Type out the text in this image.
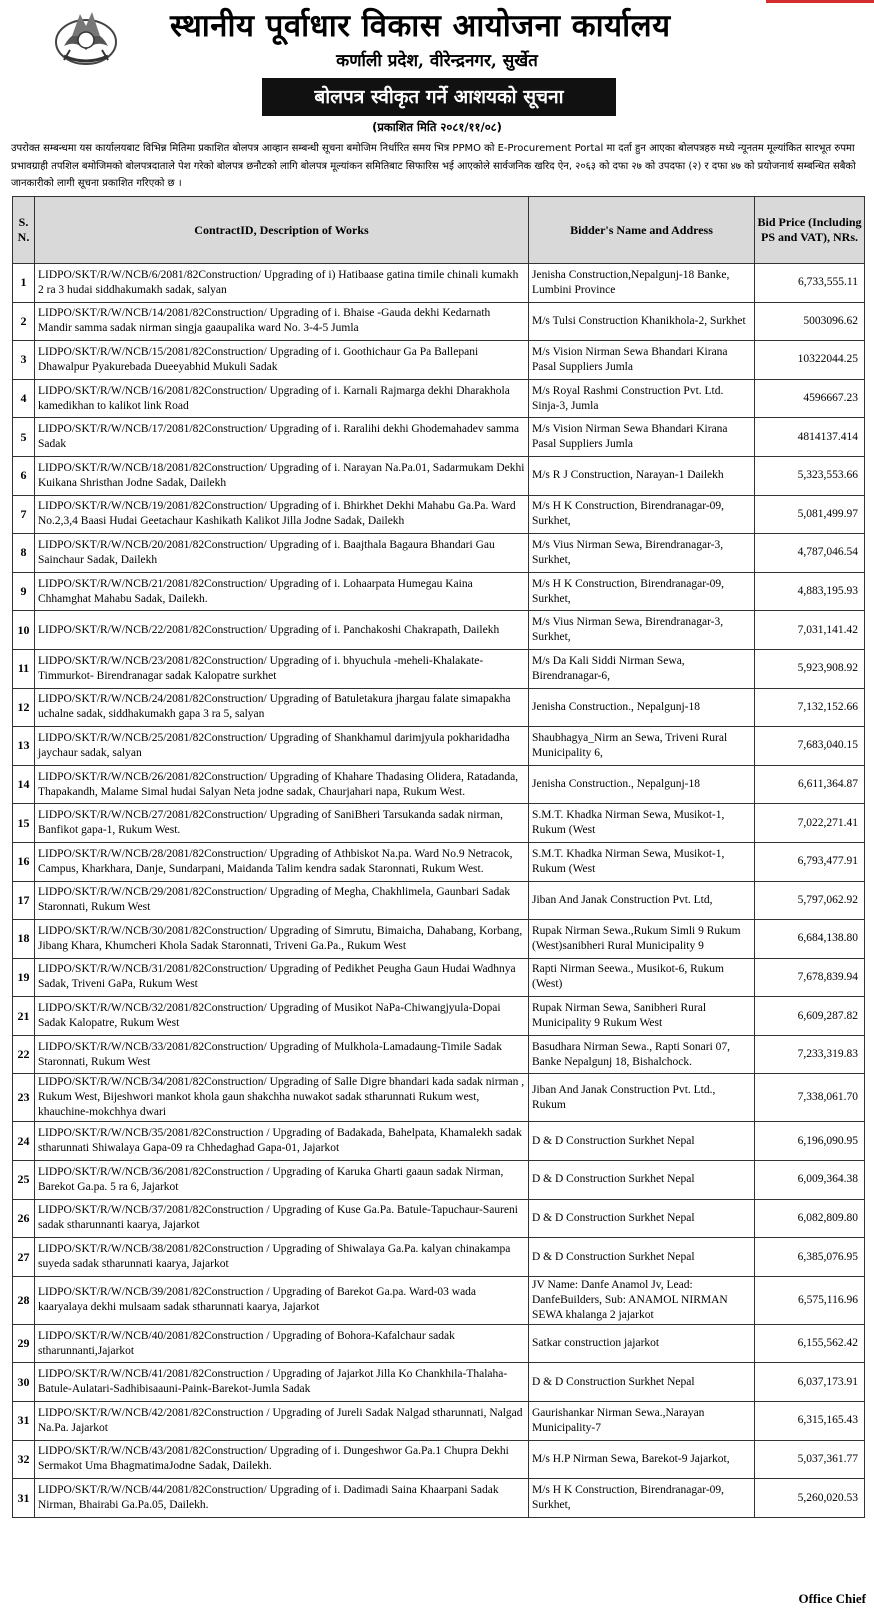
स्थानीय पूर्वाधार विकास आयोजना कार्यालय
कर्णाली प्रदेश, वीरेन्द्रनगर, सुर्खेत
बोलपत्र स्वीकृत गर्ने आशयको सूचना
(प्रकाशित मिति २०८१/११/०८)
उपरोक्त सम्बन्धमा यस कार्यालयबाट विभिन्न मितिमा प्रकाशित बोलपत्र आव्हान सम्बन्धी सूचना बमोजिम निर्धारित समय भित्र PPMO को E-Procurement Portal मा दर्ता हुन आएका बोलपत्रहरु मध्ये न्यूनतम मूल्यांकित सारभूत रुपमा प्रभावग्राही तपशिल बमोजिमको बोलपत्रदाताले पेश गरेको बोलपत्र छनौटको लागि बोलपत्र मूल्यांकन समितिबाट सिफारिस भई आएकोले सार्वजनिक खरिद ऐन, २०६३ को दफा २७ को उपदफा (२) र दफा ४७ को प्रयोजनार्थ सम्बन्धित सबैको जानकारीको लागी सूचना प्रकाशित गरिएको छ ।
S. N.	ContractID, Description of Works	Bidder's Name and Address	Bid Price (Including PS and VAT), NRs.
1	LIDPO/SKT/R/W/NCB/6/2081/82Construction/ Upgrading of i) Hatibaase gatina timile chinali kumakh 2 ra 3 hudai siddhakumakh sadak, salyan	Jenisha Construction,Nepalgunj-18 Banke, Lumbini Province	6,733,555.11
2	LIDPO/SKT/R/W/NCB/14/2081/82Construction/ Upgrading of i. Bhaise -Gauda dekhi Kedarnath Mandir samma sadak nirman singja gaaupalika ward No. 3-4-5 Jumla	M/s Tulsi Construction Khanikhola-2, Surkhet	5003096.62
3	LIDPO/SKT/R/W/NCB/15/2081/82Construction/ Upgrading of i. Goothichaur Ga Pa Ballepani Dhawalpur Pyakurebada Dueeyabhid Mukuli Sadak	M/s Vision Nirman Sewa Bhandari Kirana Pasal Suppliers Jumla	10322044.25
4	LIDPO/SKT/R/W/NCB/16/2081/82Construction/ Upgrading of i. Karnali Rajmarga dekhi Dharakhola kamedikhan to kalikot link Road	M/s Royal Rashmi Construction Pvt. Ltd. Sinja-3, Jumla	4596667.23
5	LIDPO/SKT/R/W/NCB/17/2081/82Construction/ Upgrading of i. Raralihi dekhi Ghodemahadev samma Sadak	M/s Vision Nirman Sewa Bhandari Kirana Pasal Suppliers Jumla	4814137.414
6	LIDPO/SKT/R/W/NCB/18/2081/82Construction/ Upgrading of i. Narayan Na.Pa.01, Sadarmukam Dekhi Kuikana Shristhan Jodne Sadak, Dailekh	M/s R J Construction, Narayan-1 Dailekh	5,323,553.66
7	LIDPO/SKT/R/W/NCB/19/2081/82Construction/ Upgrading of i. Bhirkhet Dekhi Mahabu Ga.Pa. Ward No.2,3,4 Baasi Hudai Geetachaur Kashikath Kalikot Jilla Jodne Sadak, Dailekh	M/s H K Construction, Birendranagar-09, Surkhet,	5,081,499.97
8	LIDPO/SKT/R/W/NCB/20/2081/82Construction/ Upgrading of i. Baajthala Bagaura Bhandari Gau Sainchaur Sadak, Dailekh	M/s Vius Nirman Sewa, Birendranagar-3, Surkhet,	4,787,046.54
9	LIDPO/SKT/R/W/NCB/21/2081/82Construction/ Upgrading of i. Lohaarpata Humegau Kaina Chhamghat Mahabu Sadak, Dailekh.	M/s H K Construction, Birendranagar-09, Surkhet,	4,883,195.93
10	LIDPO/SKT/R/W/NCB/22/2081/82Construction/ Upgrading of i. Panchakoshi Chakrapath, Dailekh	M/s Vius Nirman Sewa, Birendranagar-3, Surkhet,	7,031,141.42
11	LIDPO/SKT/R/W/NCB/23/2081/82Construction/ Upgrading of i. bhyuchula -meheli-Khalakate-Timmurkot- Birendranagar sadak Kalopatre surkhet	M/s Da Kali Siddi Nirman Sewa, Birendranagar-6,	5,923,908.92
12	LIDPO/SKT/R/W/NCB/24/2081/82Construction/ Upgrading of Batuletakura jhargau falate simapakha uchalne sadak, siddhakumakh gapa 3 ra 5, salyan	Jenisha Construction., Nepalgunj-18	7,132,152.66
13	LIDPO/SKT/R/W/NCB/25/2081/82Construction/ Upgrading of Shankhamul darimjyula pokharidadha jaychaur sadak, salyan	Shaubhagya_Nirm an Sewa, Triveni Rural Municipality 6,	7,683,040.15
14	LIDPO/SKT/R/W/NCB/26/2081/82Construction/ Upgrading of Khahare Thadasing Olidera, Ratadanda, Thapakandh, Malame Simal hudai Salyan Neta jodne sadak, Chaurjahari napa, Rukum West.	Jenisha Construction., Nepalgunj-18	6,611,364.87
15	LIDPO/SKT/R/W/NCB/27/2081/82Construction/ Upgrading of SaniBheri Tarsukanda sadak nirman, Banfikot gapa-1, Rukum West.	S.M.T. Khadka Nirman Sewa, Musikot-1, Rukum (West	7,022,271.41
16	LIDPO/SKT/R/W/NCB/28/2081/82Construction/ Upgrading of Athbiskot Na.pa. Ward No.9 Netracok, Campus, Kharkhara, Danje, Sundarpani, Maidanda Talim kendra sadak Staronnati, Rukum West.	S.M.T. Khadka Nirman Sewa, Musikot-1, Rukum (West	6,793,477.91
17	LIDPO/SKT/R/W/NCB/29/2081/82Construction/ Upgrading of Megha, Chakhlimela, Gaunbari Sadak Staronnati, Rukum West	Jiban And Janak Construction Pvt. Ltd,	5,797,062.92
18	LIDPO/SKT/R/W/NCB/30/2081/82Construction/ Upgrading of Simrutu, Bimaicha, Dahabang, Korbang, Jibang Khara, Khumcheri Khola Sadak Staronnati, Triveni Ga.Pa., Rukum West	Rupak Nirman Sewa.,Rukum Simli 9 Rukum (West)sanibheri Rural Municipality 9	6,684,138.80
19	LIDPO/SKT/R/W/NCB/31/2081/82Construction/ Upgrading of Pedikhet Peugha Gaun Hudai Wadhnya Sadak, Triveni GaPa, Rukum West	Rapti Nirman Seewa., Musikot-6, Rukum (West)	7,678,839.94
21	LIDPO/SKT/R/W/NCB/32/2081/82Construction/ Upgrading of Musikot NaPa-Chiwangjyula-Dopai Sadak Kalopatre, Rukum West	Rupak Nirman Sewa, Sanibheri Rural Municipality 9 Rukum West	6,609,287.82
22	LIDPO/SKT/R/W/NCB/33/2081/82Construction/ Upgrading of Mulkhola-Lamadaung-Timile Sadak Staronnati, Rukum West	Basudhara Nirman Sewa., Rapti Sonari 07, Banke Nepalgunj 18, Bishalchock.	7,233,319.83
23	LIDPO/SKT/R/W/NCB/34/2081/82Construction/ Upgrading of Salle Digre bhandari kada sadak nirman , Rukum West, Bijeshwori mankot khola gaun shakchha nuwakot sadak stharunnati Rukum west, khauchine-mokchhya dwari	Jiban And Janak Construction Pvt. Ltd., Rukum	7,338,061.70
24	LIDPO/SKT/R/W/NCB/35/2081/82Construction / Upgrading of Badakada, Bahelpata, Khamalekh sadak stharunnati Shiwalaya Gapa-09 ra Chhedaghad Gapa-01, Jajarkot	D & D Construction Surkhet Nepal	6,196,090.95
25	LIDPO/SKT/R/W/NCB/36/2081/82Construction / Upgrading of Karuka Gharti gaaun sadak Nirman, Barekot Ga.pa. 5 ra 6, Jajarkot	D & D Construction Surkhet Nepal	6,009,364.38
26	LIDPO/SKT/R/W/NCB/37/2081/82Construction / Upgrading of Kuse Ga.Pa. Batule-Tapuchaur-Saureni sadak stharunnanti kaarya, Jajarkot	D & D Construction Surkhet Nepal	6,082,809.80
27	LIDPO/SKT/R/W/NCB/38/2081/82Construction / Upgrading of Shiwalaya Ga.Pa. kalyan chinakampa suyeda sadak stharunnati kaarya, Jajarkot	D & D Construction Surkhet Nepal	6,385,076.95
28	LIDPO/SKT/R/W/NCB/39/2081/82Construction / Upgrading of Barekot Ga.pa. Ward-03 wada kaaryalaya dekhi mulsaam sadak stharunnati kaarya, Jajarkot	JV Name: Danfe Anamol Jv, Lead: DanfeBuilders, Sub: ANAMOL NIRMAN SEWA khalanga 2 jajarkot	6,575,116.96
29	LIDPO/SKT/R/W/NCB/40/2081/82Construction / Upgrading of Bohora-Kafalchaur sadak stharunnanti,Jajarkot	Satkar construction jajarkot	6,155,562.42
30	LIDPO/SKT/R/W/NCB/41/2081/82Construction / Upgrading of Jajarkot Jilla Ko Chankhila-Thalaha-Batule-Aulatari-Sadhibisaauni-Paink-Barekot-Jumla Sadak	D & D Construction Surkhet Nepal	6,037,173.91
31	LIDPO/SKT/R/W/NCB/42/2081/82Construction / Upgrading of Jureli Sadak Nalgad stharunnati, Nalgad Na.Pa. Jajarkot	Gaurishankar Nirman Sewa.,Narayan Municipality-7	6,315,165.43
32	LIDPO/SKT/R/W/NCB/43/2081/82Construction/ Upgrading of i. Dungeshwor Ga.Pa.1 Chupra Dekhi Sermakot Uma BhagmatimaJodne Sadak, Dailekh.	M/s H.P Nirman Sewa, Barekot-9 Jajarkot,	5,037,361.77
31	LIDPO/SKT/R/W/NCB/44/2081/82Construction/ Upgrading of i. Dadimadi Saina Khaarpani Sadak Nirman, Bhairabi Ga.Pa.05, Dailekh.	M/s H K Construction, Birendranagar-09, Surkhet,	5,260,020.53
Office Chief
